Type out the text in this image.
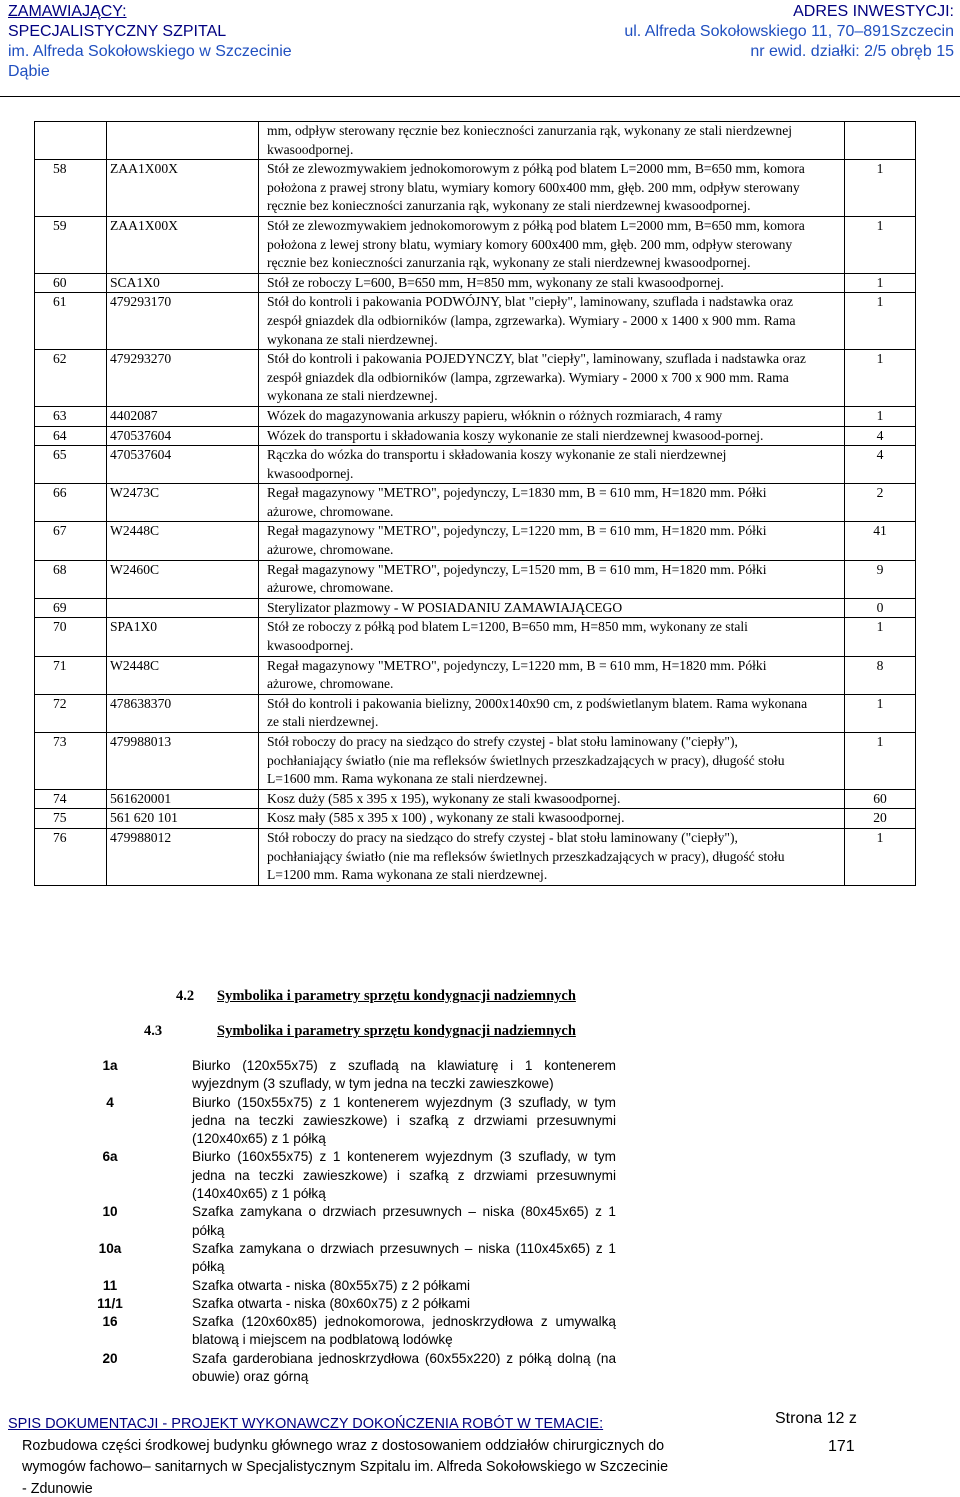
ZAMAWIAJĄCY:
SPECJALISTYCZNY SZPITAL
im. Alfreda Sokołowskiego w Szczecinie
Dąbie
ADRES INWESTYCJI:
ul. Alfreda Sokołowskiego 11, 70–891Szczecin
nr ewid. działki: 2/5 obręb 15
		mm, odpływ sterowany ręcznie bez konieczności zanurzania rąk, wykonany ze stali nierdzewnej kwasoodpornej.	
58	ZAA1X00X	Stół ze zlewozmywakiem jednokomorowym z półką pod blatem L=2000 mm, B=650 mm, komora położona z prawej strony blatu, wymiary komory 600x400 mm, głęb. 200 mm, odpływ sterowany ręcznie bez konieczności zanurzania rąk, wykonany ze stali nierdzewnej kwasoodpornej.	1
59	ZAA1X00X	Stół ze zlewozmywakiem jednokomorowym z półką pod blatem L=2000 mm, B=650 mm, komora położona z lewej strony blatu, wymiary komory 600x400 mm, głęb. 200 mm, odpływ sterowany ręcznie bez konieczności zanurzania rąk, wykonany ze stali nierdzewnej kwasoodpornej.	1
60	SCA1X0	Stół ze roboczy L=600, B=650 mm, H=850 mm, wykonany ze stali kwasoodpornej.	1
61	479293170	Stół do kontroli i pakowania PODWÓJNY, blat "ciepły", laminowany, szuflada i nadstawka oraz zespół gniazdek dla odbiorników (lampa, zgrzewarka). Wymiary - 2000 x 1400 x 900 mm. Rama wykonana ze stali nierdzewnej.	1
62	479293270	Stół do kontroli i pakowania POJEDYNCZY, blat "ciepły", laminowany, szuflada i nadstawka oraz zespół gniazdek dla odbiorników (lampa, zgrzewarka). Wymiary - 2000 x 700 x 900 mm. Rama wykonana ze stali nierdzewnej.	1
63	4402087	Wózek do magazynowania arkuszy papieru, włóknin o różnych rozmiarach, 4 ramy	1
64	470537604	Wózek do transportu i składowania koszy wykonanie ze stali nierdzewnej kwasood-pornej.	4
65	470537604	Rączka do wózka do transportu i składowania koszy wykonanie ze stali nierdzewnej kwasoodpornej.	4
66	W2473C	Regał magazynowy "METRO", pojedynczy, L=1830 mm, B = 610 mm, H=1820 mm. Półki ażurowe, chromowane.	2
67	W2448C	Regał magazynowy "METRO", pojedynczy, L=1220 mm, B = 610 mm, H=1820 mm. Półki ażurowe, chromowane.	41
68	W2460C	Regał magazynowy "METRO", pojedynczy, L=1520 mm, B = 610 mm, H=1820 mm. Półki ażurowe, chromowane.	9
69		Sterylizator plazmowy - W POSIADANIU ZAMAWIAJĄCEGO	0
70	SPA1X0	Stół ze roboczy z półką pod blatem L=1200, B=650 mm, H=850 mm, wykonany ze stali kwasoodpornej.	1
71	W2448C	Regał magazynowy "METRO", pojedynczy, L=1220 mm, B = 610 mm, H=1820 mm. Półki ażurowe, chromowane.	8
72	478638370	Stół do kontroli i pakowania bielizny, 2000x140x90 cm, z podświetlanym blatem. Rama wykonana ze stali nierdzewnej.	1
73	479988013	Stół roboczy do pracy na siedząco do strefy czystej - blat stołu laminowany ("ciepły"), pochłaniający światło (nie ma refleksów świetlnych przeszkadzających w pracy), długość stołu L=1600 mm. Rama wykonana ze stali nierdzewnej.	1
74	561620001	Kosz duży (585 x 395 x 195), wykonany ze stali kwasoodpornej.	60
75	561 620 101	Kosz mały (585 x 395 x 100) , wykonany ze stali kwasoodpornej.	20
76	479988012	Stół roboczy do pracy na siedząco do strefy czystej - blat stołu laminowany ("ciepły"), pochłaniający światło (nie ma refleksów świetlnych przeszkadzających w pracy), długość stołu L=1200 mm. Rama wykonana ze stali nierdzewnej.	1
4.2 Symbolika i parametry sprzętu kondygnacji nadziemnych
4.3	Symbolika i parametry sprzętu kondygnacji nadziemnych
1a	Biurko (120x55x75) z szufladą na klawiaturę i 1 kontenerem wyjezdnym (3 szuflady, w tym jedna na teczki zawieszkowe)
4	Biurko (150x55x75) z 1 kontenerem wyjezdnym (3 szuflady, w tym jedna na teczki zawieszkowe) i szafką z drzwiami przesuwnymi (120x40x65) z 1 półką
6a	Biurko (160x55x75) z 1 kontenerem wyjezdnym (3 szuflady, w tym jedna na teczki zawieszkowe) i szafką z drzwiami przesuwnymi (140x40x65) z 1 półką
10	Szafka zamykana o drzwiach przesuwnych – niska (80x45x65) z 1 półką
10a	Szafka zamykana o drzwiach przesuwnych – niska (110x45x65) z 1 półką
11	Szafka otwarta - niska (80x55x75) z 2 półkami
11/1	Szafka otwarta - niska (80x60x75) z 2 półkami
16	Szafka (120x60x85) jednokomorowa, jednoskrzydłowa z umywalką blatową i miejscem na podblatową lodówkę
20	Szafa garderobiana jednoskrzydłowa (60x55x220) z półką dolną (na obuwie) oraz górną
SPIS DOKUMENTACJI - PROJEKT WYKONAWCZY DOKOŃCZENIA ROBÓT W TEMACIE:
Rozbudowa części środkowej budynku głównego wraz z dostosowaniem oddziałów chirurgicznych do
wymogów fachowo– sanitarnych w Specjalistycznym Szpitalu im. Alfreda Sokołowskiego w Szczecinie
- Zdunowie
Strona 12 z
171
